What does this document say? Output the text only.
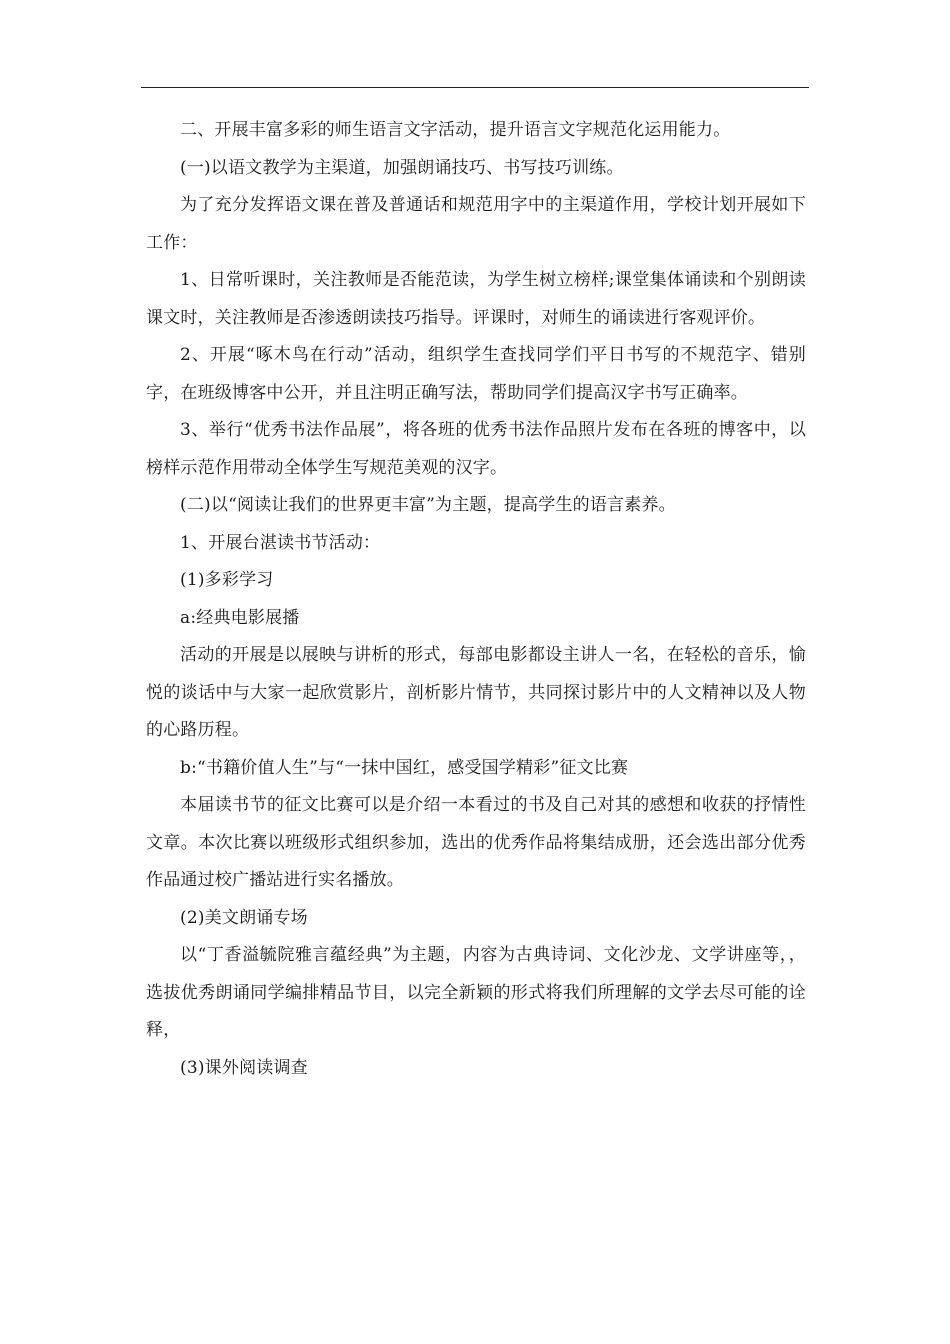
二、开展丰富多彩的师生语言文字活动，提升语言文字规范化运用能力。

(一)以语文教学为主渠道，加强朗诵技巧、书写技巧训练。

为了充分发挥语文课在普及普通话和规范用字中的主渠道作用，学校计划开展如下工作：

1、日常听课时，关注教师是否能范读，为学生树立榜样;课堂集体诵读和个别朗读课文时，关注教师是否渗透朗读技巧指导。评课时，对师生的诵读进行客观评价。

2、开展“啄木鸟在行动”活动，组织学生查找同学们平日书写的不规范字、错别字，在班级博客中公开，并且注明正确写法，帮助同学们提高汉字书写正确率。

3、举行“优秀书法作品展”，将各班的优秀书法作品照片发布在各班的博客中，以榜样示范作用带动全体学生写规范美观的汉字。

(二)以“阅读让我们的世界更丰富”为主题，提高学生的语言素养。

1、开展台湛读书节活动：

(1)多彩学习

a:经典电影展播

活动的开展是以展映与讲析的形式，每部电影都设主讲人一名，在轻松的音乐，愉悦的谈话中与大家一起欣赏影片，剖析影片情节，共同探讨影片中的人文精神以及人物的心路历程。

b:“书籍价值人生”与“一抹中国红，感受国学精彩”征文比赛

本届读书节的征文比赛可以是介绍一本看过的书及自己对其的感想和收获的抒情性文章。本次比赛以班级形式组织参加，选出的优秀作品将集结成册，还会选出部分优秀作品通过校广播站进行实名播放。

(2)美文朗诵专场

以“丁香溢毓院雅言蕴经典”为主题，内容为古典诗词、文化沙龙、文学讲座等，，选拔优秀朗诵同学编排精品节目，以完全新颖的形式将我们所理解的文学去尽可能的诠释，

(3)课外阅读调查
